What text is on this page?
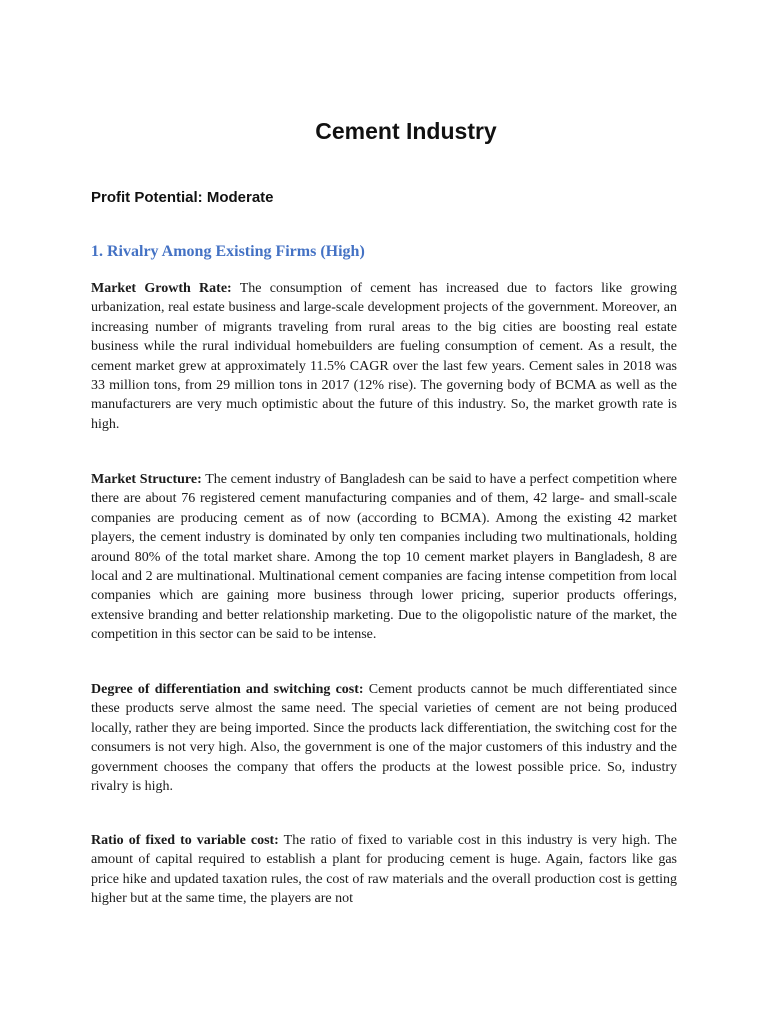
Cement Industry

Profit Potential: Moderate

1. Rivalry Among Existing Firms (High)

Market Growth Rate: The consumption of cement has increased due to factors like growing urbanization, real estate business and large-scale development projects of the government. Moreover, an increasing number of migrants traveling from rural areas to the big cities are boosting real estate business while the rural individual homebuilders are fueling consumption of cement. As a result, the cement market grew at approximately 11.5% CAGR over the last few years. Cement sales in 2018 was 33 million tons, from 29 million tons in 2017 (12% rise). The governing body of BCMA as well as the manufacturers are very much optimistic about the future of this industry. So, the market growth rate is high.

Market Structure: The cement industry of Bangladesh can be said to have a perfect competition where there are about 76 registered cement manufacturing companies and of them, 42 large- and small-scale companies are producing cement as of now (according to BCMA). Among the existing 42 market players, the cement industry is dominated by only ten companies including two multinationals, holding around 80% of the total market share. Among the top 10 cement market players in Bangladesh, 8 are local and 2 are multinational. Multinational cement companies are facing intense competition from local companies which are gaining more business through lower pricing, superior products offerings, extensive branding and better relationship marketing. Due to the oligopolistic nature of the market, the competition in this sector can be said to be intense.

Degree of differentiation and switching cost: Cement products cannot be much differentiated since these products serve almost the same need. The special varieties of cement are not being produced locally, rather they are being imported. Since the products lack differentiation, the switching cost for the consumers is not very high. Also, the government is one of the major customers of this industry and the government chooses the company that offers the products at the lowest possible price. So, industry rivalry is high.

Ratio of fixed to variable cost: The ratio of fixed to variable cost in this industry is very high. The amount of capital required to establish a plant for producing cement is huge. Again, factors like gas price hike and updated taxation rules, the cost of raw materials and the overall production cost is getting higher but at the same time, the players are not
